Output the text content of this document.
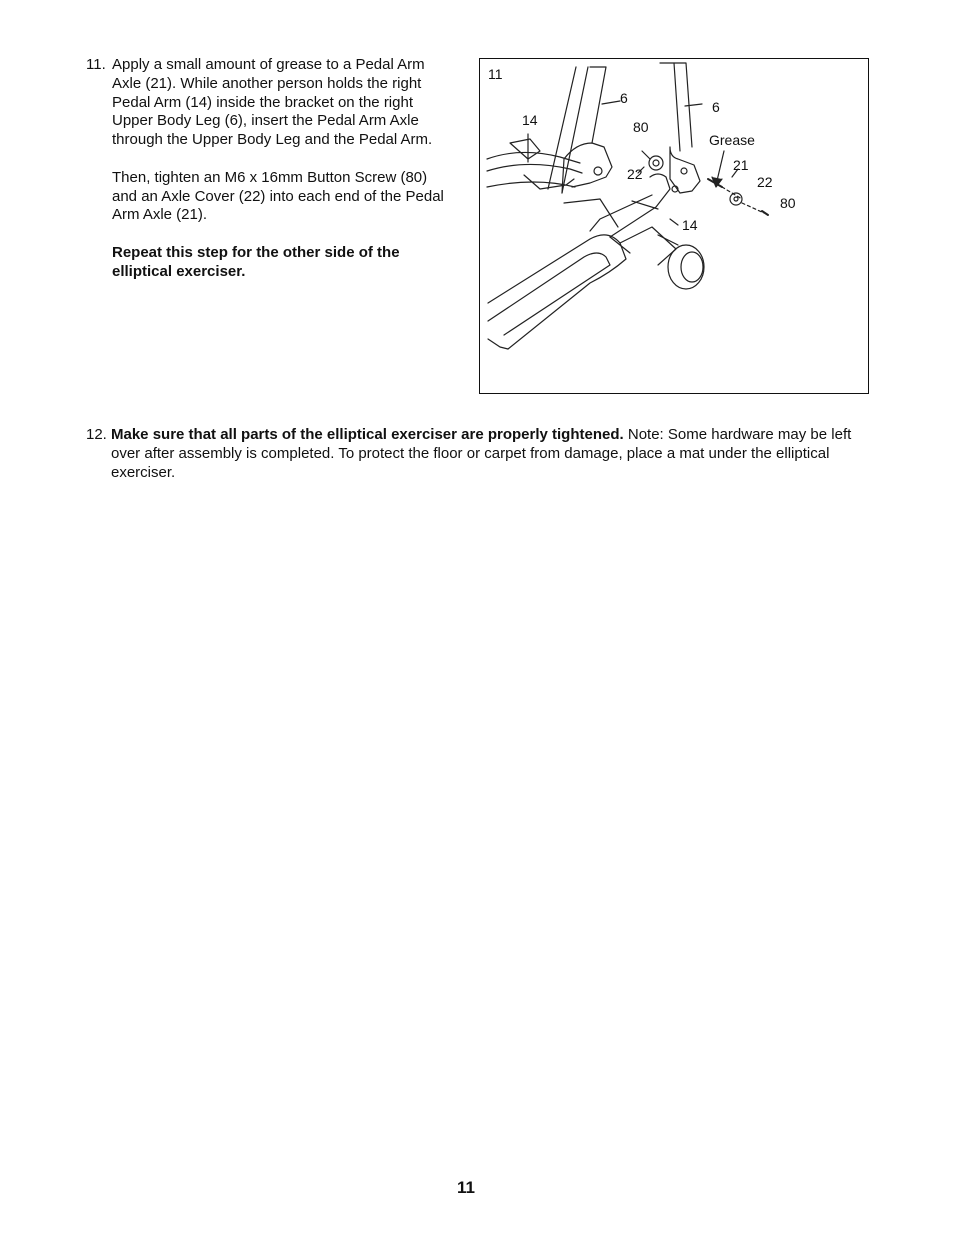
11. Apply a small amount of grease to a Pedal Arm Axle (21). While another person holds the right Pedal Arm (14) inside the bracket on the right Upper Body Leg (6), insert the Pedal Arm Axle through the Upper Body Leg and the Pedal Arm.

Then, tighten an M6 x 16mm Button Screw (80) and an Axle Cover (22) into each end of the Pedal Arm Axle (21).

Repeat this step for the other side of the elliptical exerciser.

11
14
6
6
80
Grease
21
22	22
80
14
12. Make sure that all parts of the elliptical exerciser are properly tightened. Note: Some hardware may be left over after assembly is completed. To protect the floor or carpet from damage, place a mat under the elliptical exerciser.

11
